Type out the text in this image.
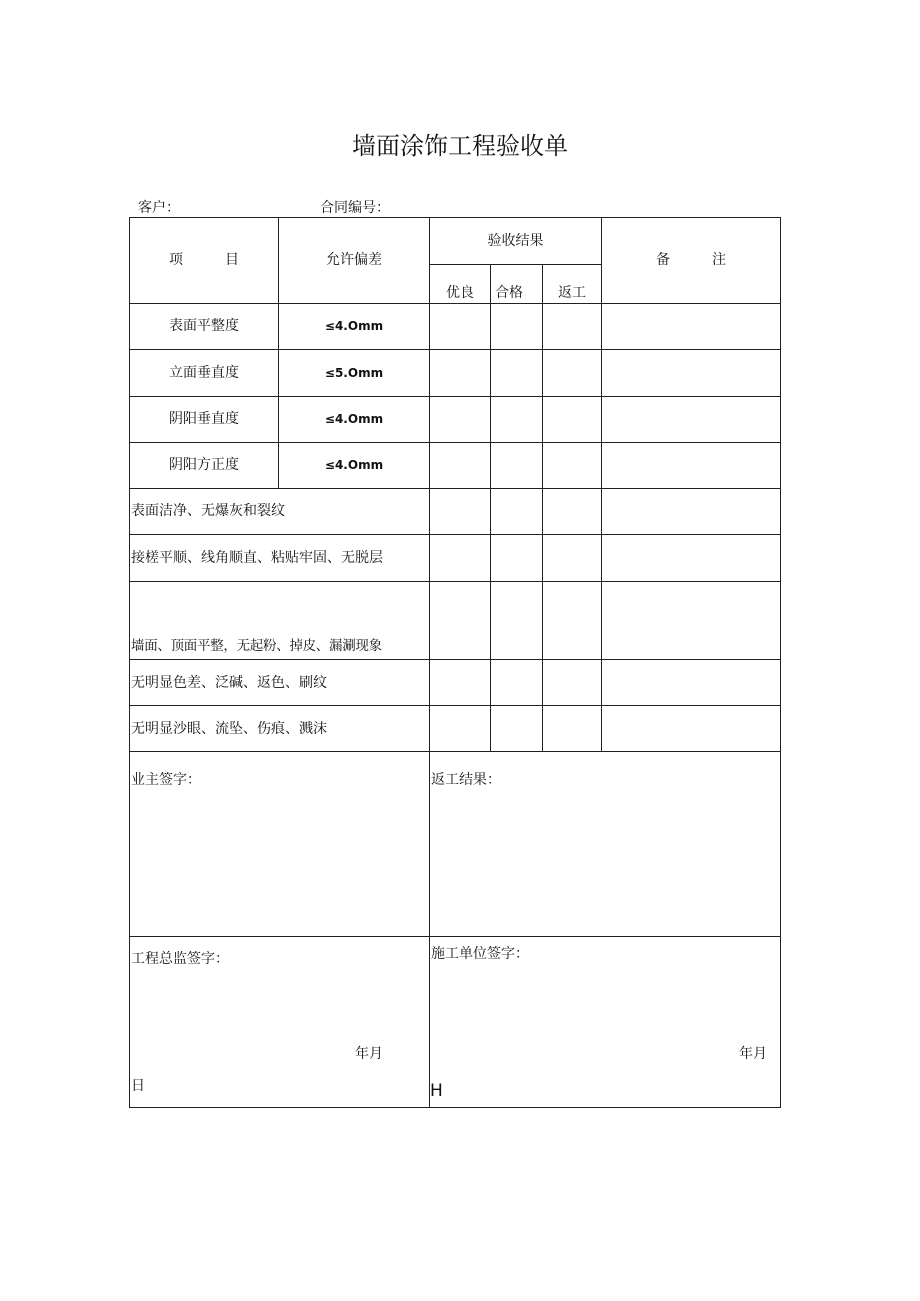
墙面涂饰工程验收单
客户：	合同编号：
项　　　目	允许偏差
验收结果
优良	合格	返工
备　　　注
表面平整度	≤4.Omm
立面垂直度	≤5.Omm
阴阳垂直度	≤4.Omm
阴阳方正度	≤4.Omm
表面洁净、无爆灰和裂纹
接槎平顺、线角顺直、粘贴牢固、无脱层
墙面、顶面平整，无起粉、掉皮、漏涮现象
无明显色差、泛碱、返色、刷纹
无明显沙眼、流坠、伤痕、溅沫
业主签字：	返工结果：
工程总监签字：	施工单位签字：
年月
日
年月
H
